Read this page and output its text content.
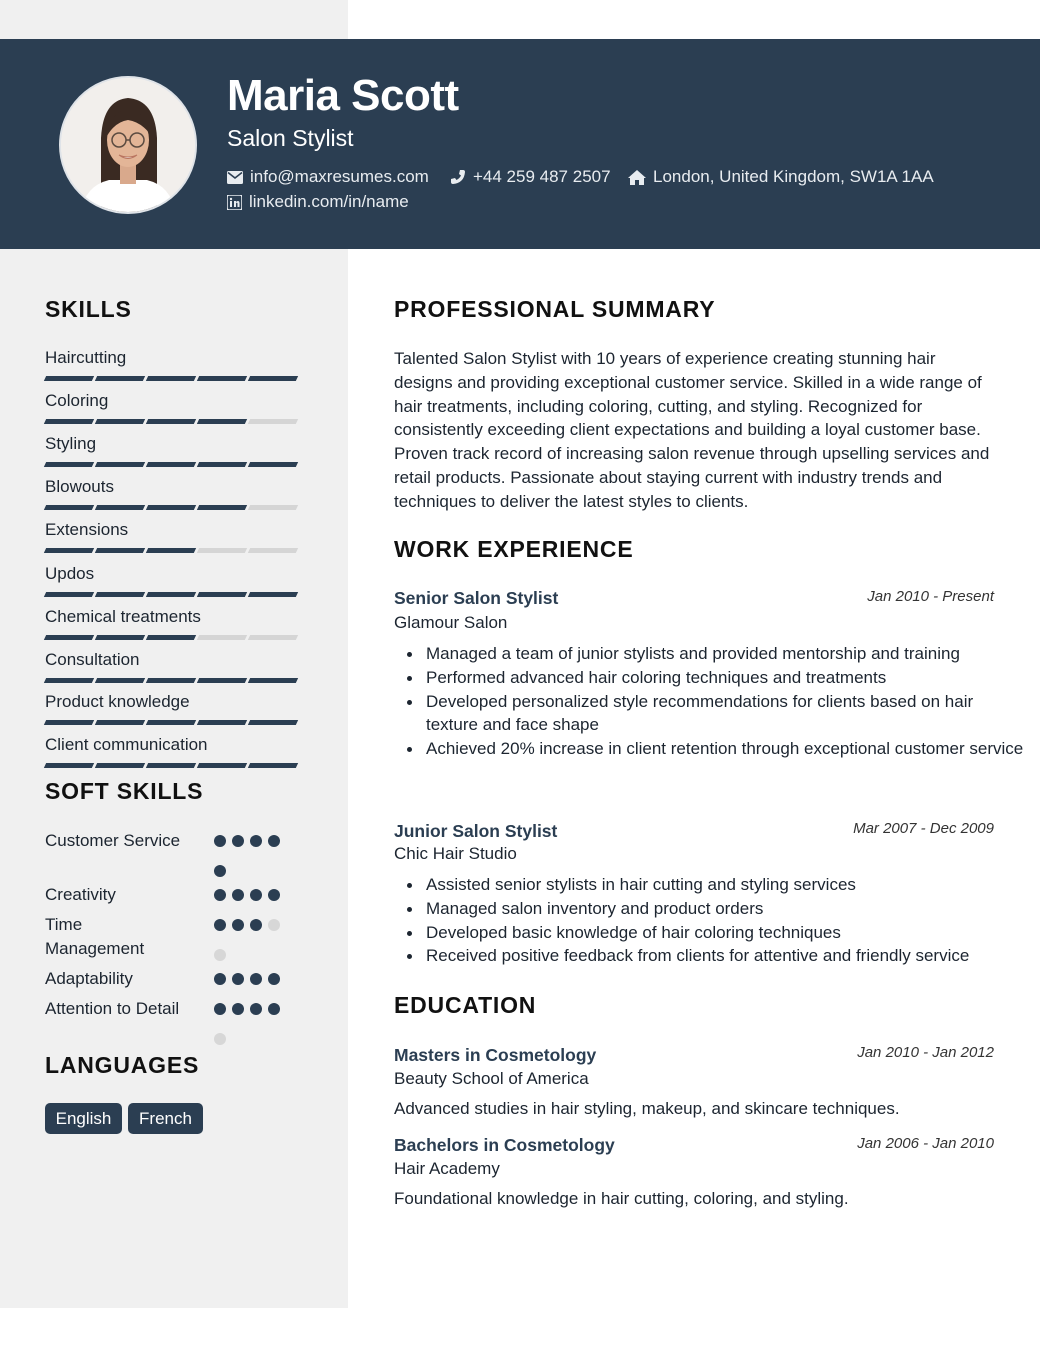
Maria Scott
Salon Stylist
info@maxresumes.com	+44 259 487 2507 London, United Kingdom, SW1A 1AA
linkedin.com/in/name
SKILLS
Haircutting
Coloring
Styling
Blowouts
Extensions
Updos
Chemical treatments
Consultation
Product knowledge
Client communication
SOFT SKILLS
Customer Service
Creativity
Time Management
Adaptability
Attention to Detail
LANGUAGES
English	French
PROFESSIONAL SUMMARY
Talented Salon Stylist with 10 years of experience creating stunning hair designs and providing exceptional customer service. Skilled in a wide range of hair treatments, including coloring, cutting, and styling. Recognized for consistently exceeding client expectations and building a loyal customer base. Proven track record of increasing salon revenue through upselling services and retail products. Passionate about staying current with industry trends and techniques to deliver the latest styles to clients.
WORK EXPERIENCE
Senior Salon Stylist	Jan 2010 - Present
Glamour Salon
Managed a team of junior stylists and provided mentorship and training
Performed advanced hair coloring techniques and treatments
Developed personalized style recommendations for clients based on hair texture and face shape
Achieved 20% increase in client retention through exceptional customer service
Junior Salon Stylist	Mar 2007 - Dec 2009
Chic Hair Studio
Assisted senior stylists in hair cutting and styling services
Managed salon inventory and product orders
Developed basic knowledge of hair coloring techniques
Received positive feedback from clients for attentive and friendly service
EDUCATION
Masters in Cosmetology	Jan 2010 - Jan 2012
Beauty School of America
Advanced studies in hair styling, makeup, and skincare techniques.
Bachelors in Cosmetology	Jan 2006 - Jan 2010
Hair Academy
Foundational knowledge in hair cutting, coloring, and styling.
